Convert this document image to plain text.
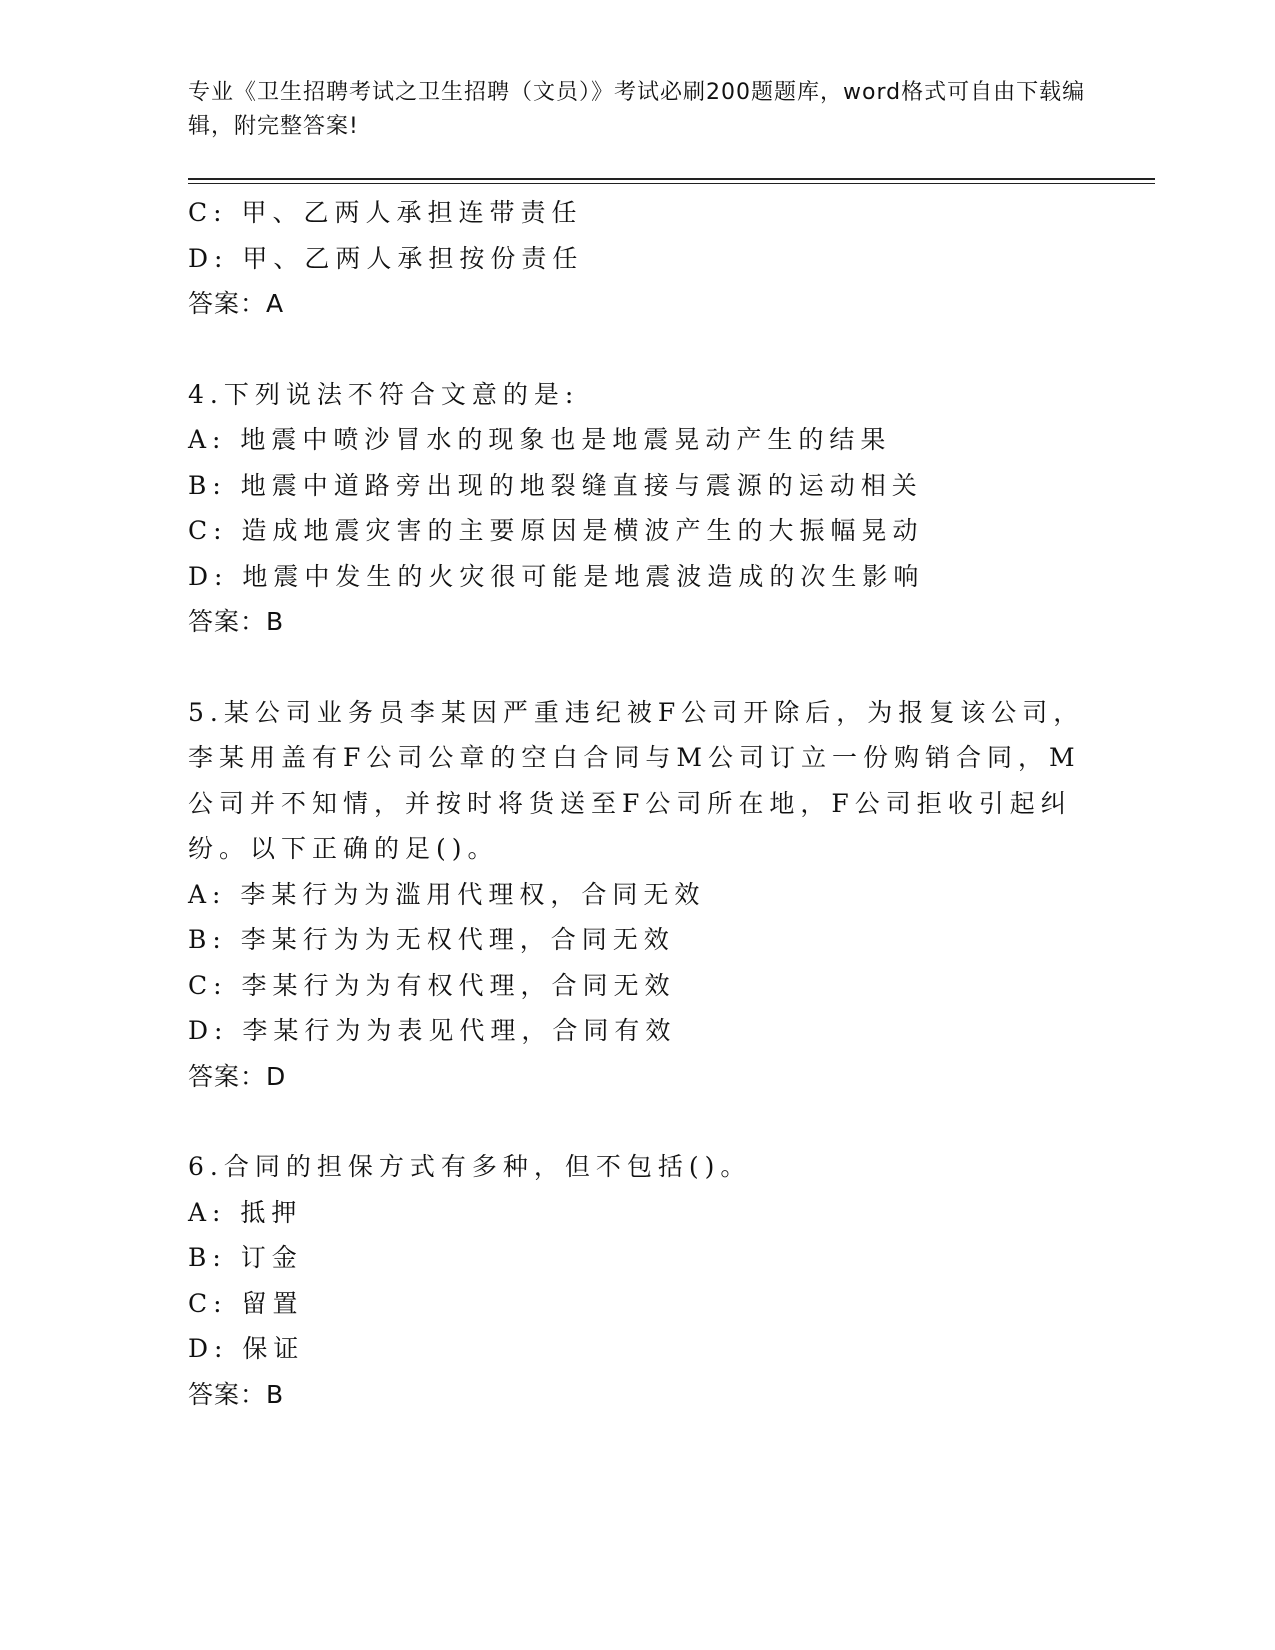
专业《卫生招聘考试之卫生招聘（文员）》考试必刷200题题库，word格式可自由下载编辑，附完整答案!
C: 甲、乙两人承担连带责任
D: 甲、乙两人承担按份责任
答案：A
4.下列说法不符合文意的是:
A: 地震中喷沙冒水的现象也是地震晃动产生的结果
B: 地震中道路旁出现的地裂缝直接与震源的运动相关
C: 造成地震灾害的主要原因是横波产生的大振幅晃动
D: 地震中发生的火灾很可能是地震波造成的次生影响
答案：B
5.某公司业务员李某因严重违纪被F公司开除后，为报复该公司，李某用盖有F公司公章的空白合同与M公司订立一份购销合同，M公司并不知情，并按时将货送至F公司所在地，F公司拒收引起纠纷。以下正确的足()。
A: 李某行为为滥用代理权，合同无效
B: 李某行为为无权代理，合同无效
C: 李某行为为有权代理，合同无效
D: 李某行为为表见代理，合同有效
答案：D
6.合同的担保方式有多种，但不包括()。
A: 抵押
B: 订金
C: 留置
D: 保证
答案：B
